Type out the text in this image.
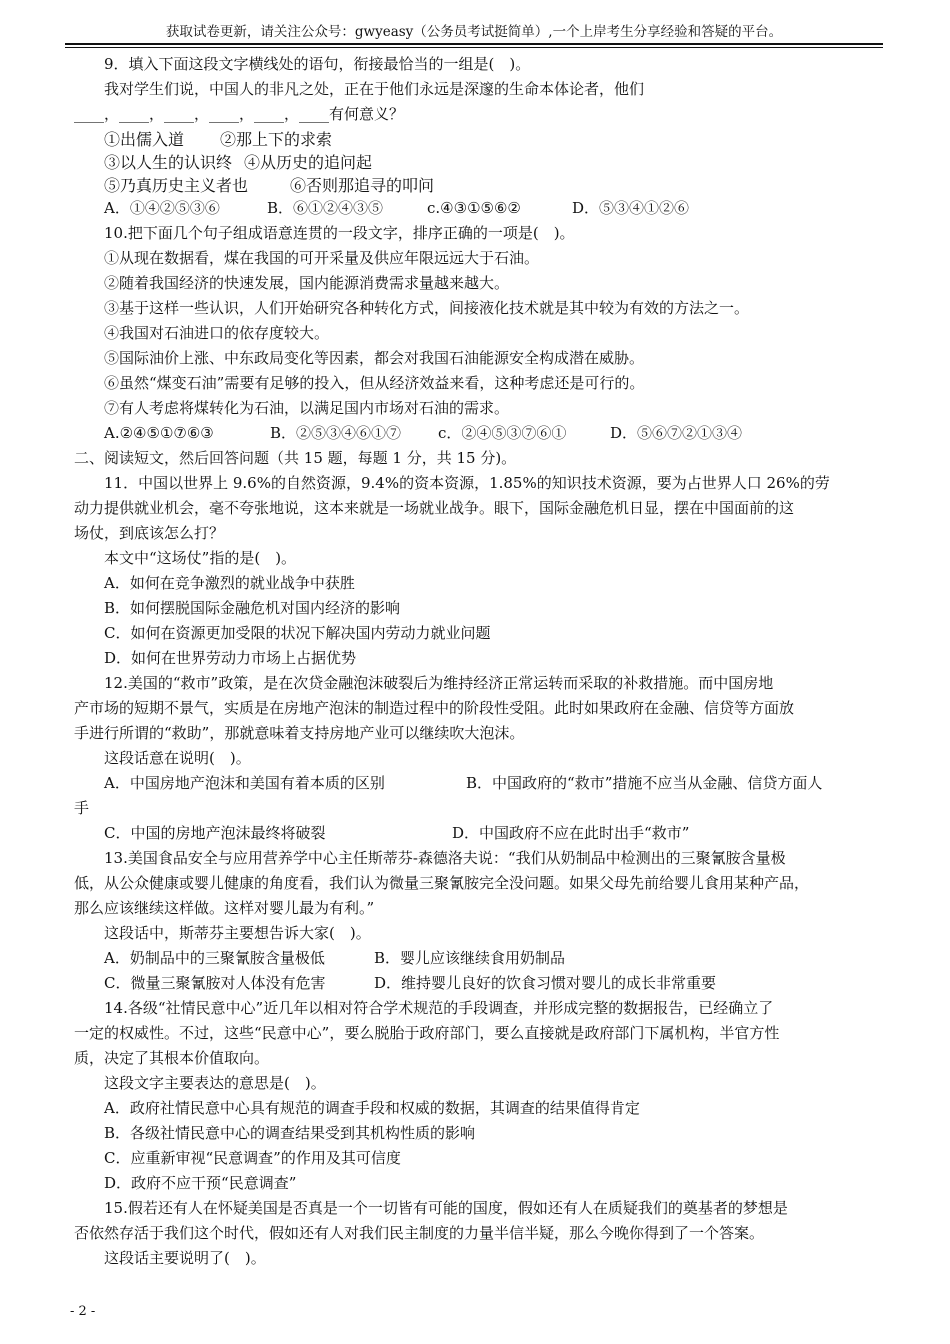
获取试卷更新，请关注公众号：gwyeasy（公务员考试挺简单）,一个上岸考生分享经验和答疑的平台。
9．填入下面这段文字横线处的语句，衔接最恰当的一组是(　)。
我对学生们说，中国人的非凡之处，正在于他们永远是深邃的生命本体论者，他们
____，____，____，____，____，____有何意义？
①出儒入道	②那上下的求索
③以人生的认识终 ④从历史的追问起
⑤乃真历史主义者也	⑥否则那追寻的叩问
A．①④②⑤③⑥	B．⑥①②④③⑤	c.④③①⑤⑥②	D．⑤③④①②⑥
10.把下面几个句子组成语意连贯的一段文字，排序正确的一项是(　)。
①从现在数据看，煤在我国的可开采量及供应年限远远大于石油。
②随着我国经济的快速发展，国内能源消费需求量越来越大。
③基于这样一些认识，人们开始研究各种转化方式，间接液化技术就是其中较为有效的方法之一。
④我国对石油进口的依存度较大。
⑤国际油价上涨、中东政局变化等因素，都会对我国石油能源安全构成潜在威胁。
⑥虽然“煤变石油”需要有足够的投入，但从经济效益来看，这种考虑还是可行的。
⑦有人考虑将煤转化为石油，以满足国内市场对石油的需求。
A.②④⑤①⑦⑥③	B．②⑤③④⑥①⑦	c．②④⑤③⑦⑥①	D．⑤⑥⑦②①③④
二、阅读短文，然后回答问题（共 15 题，每题 1 分，共 15 分)。
11．中国以世界上 9.6%的自然资源，9.4%的资本资源，1.85%的知识技术资源，要为占世界人口 26%的劳
动力提供就业机会，毫不夸张地说，这本来就是一场就业战争。眼下，国际金融危机日显，摆在中国面前的这
场仗，到底该怎么打？
本文中“这场仗”指的是(　)。
A．如何在竞争激烈的就业战争中获胜
B．如何摆脱国际金融危机对国内经济的影响
C．如何在资源更加受限的状况下解决国内劳动力就业问题
D．如何在世界劳动力市场上占据优势
12.美国的“救市”政策，是在次贷金融泡沫破裂后为维持经济正常运转而采取的补救措施。而中国房地
产市场的短期不景气，实质是在房地产泡沫的制造过程中的阶段性受阻。此时如果政府在金融、信贷等方面放
手进行所谓的“救助”，那就意味着支持房地产业可以继续吹大泡沫。
这段话意在说明(　)。
A．中国房地产泡沫和美国有着本质的区别	B．中国政府的“救市”措施不应当从金融、信贷方面人
手
C．中国的房地产泡沫最终将破裂	D．中国政府不应在此时出手“救市”
13.美国食品安全与应用营养学中心主任斯蒂芬-森德洛夫说：“我们从奶制品中检测出的三聚氰胺含量极
低，从公众健康或婴儿健康的角度看，我们认为微量三聚氰胺完全没问题。如果父母先前给婴儿食用某种产品，
那么应该继续这样做。这样对婴儿最为有利。”
这段话中，斯蒂芬主要想告诉大家(　)。
A．奶制品中的三聚氰胺含量极低	B．婴儿应该继续食用奶制品
C．微量三聚氰胺对人体没有危害	D．维持婴儿良好的饮食习惯对婴儿的成长非常重要
14.各级“社情民意中心”近几年以相对符合学术规范的手段调查，并形成完整的数据报告，已经确立了
一定的权威性。不过，这些“民意中心”，要么脱胎于政府部门，要么直接就是政府部门下属机构，半官方性
质，决定了其根本价值取向。
这段文字主要表达的意思是(　)。
A．政府社情民意中心具有规范的调查手段和权威的数据，其调查的结果值得肯定
B．各级社情民意中心的调查结果受到其机构性质的影响
C．应重新审视“民意调查”的作用及其可信度
D．政府不应干预“民意调查”
15.假若还有人在怀疑美国是否真是一个一切皆有可能的国度，假如还有人在质疑我们的奠基者的梦想是
否依然存活于我们这个时代，假如还有人对我们民主制度的力量半信半疑，那么今晚你得到了一个答案。
这段话主要说明了(　)。
- 2 -
